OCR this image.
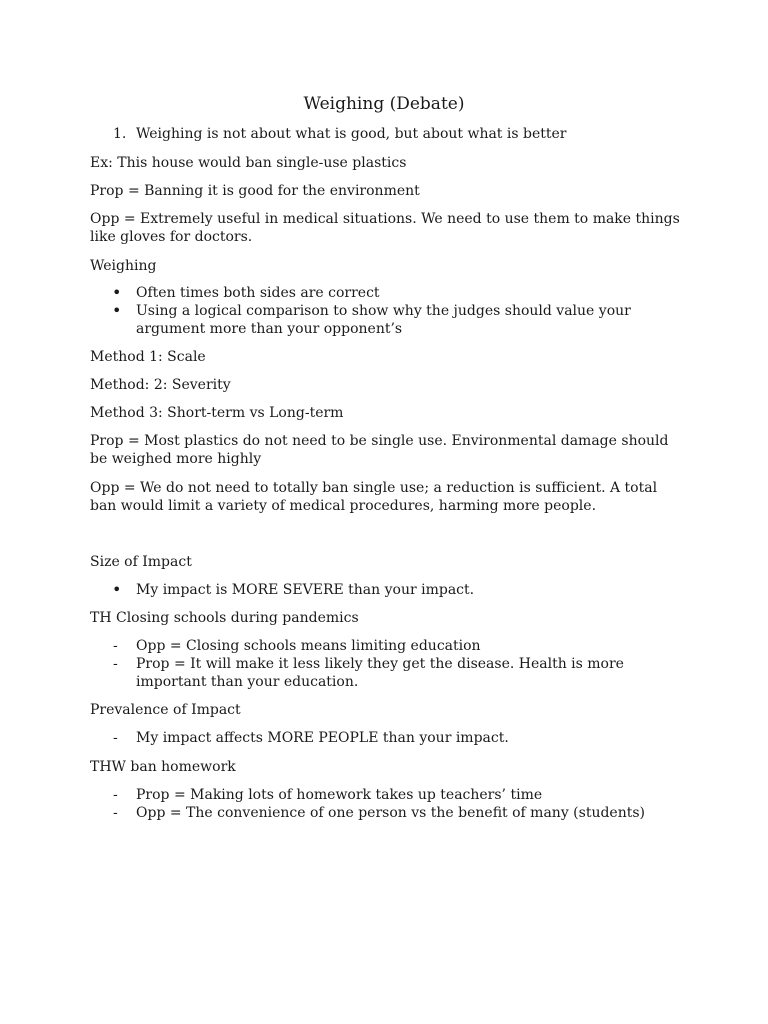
Weighing (Debate)
1. Weighing is not about what is good, but about what is better
Ex: This house would ban single-use plastics
Prop = Banning it is good for the environment
Opp = Extremely useful in medical situations. We need to use them to make things like gloves for doctors.
Weighing
•	Often times both sides are correct
•	Using a logical comparison to show why the judges should value your argument more than your opponent’s
Method 1: Scale
Method: 2: Severity
Method 3: Short-term vs Long-term
Prop = Most plastics do not need to be single use. Environmental damage should be weighed more highly
Opp = We do not need to totally ban single use; a reduction is sufficient. A total ban would limit a variety of medical procedures, harming more people.
Size of Impact
•	My impact is MORE SEVERE than your impact.
TH Closing schools during pandemics
-	Opp = Closing schools means limiting education
-	Prop = It will make it less likely they get the disease. Health is more important than your education.
Prevalence of Impact
-	My impact affects MORE PEOPLE than your impact.
THW ban homework
-	Prop = Making lots of homework takes up teachers’ time
-	Opp = The convenience of one person vs the benefit of many (students)
